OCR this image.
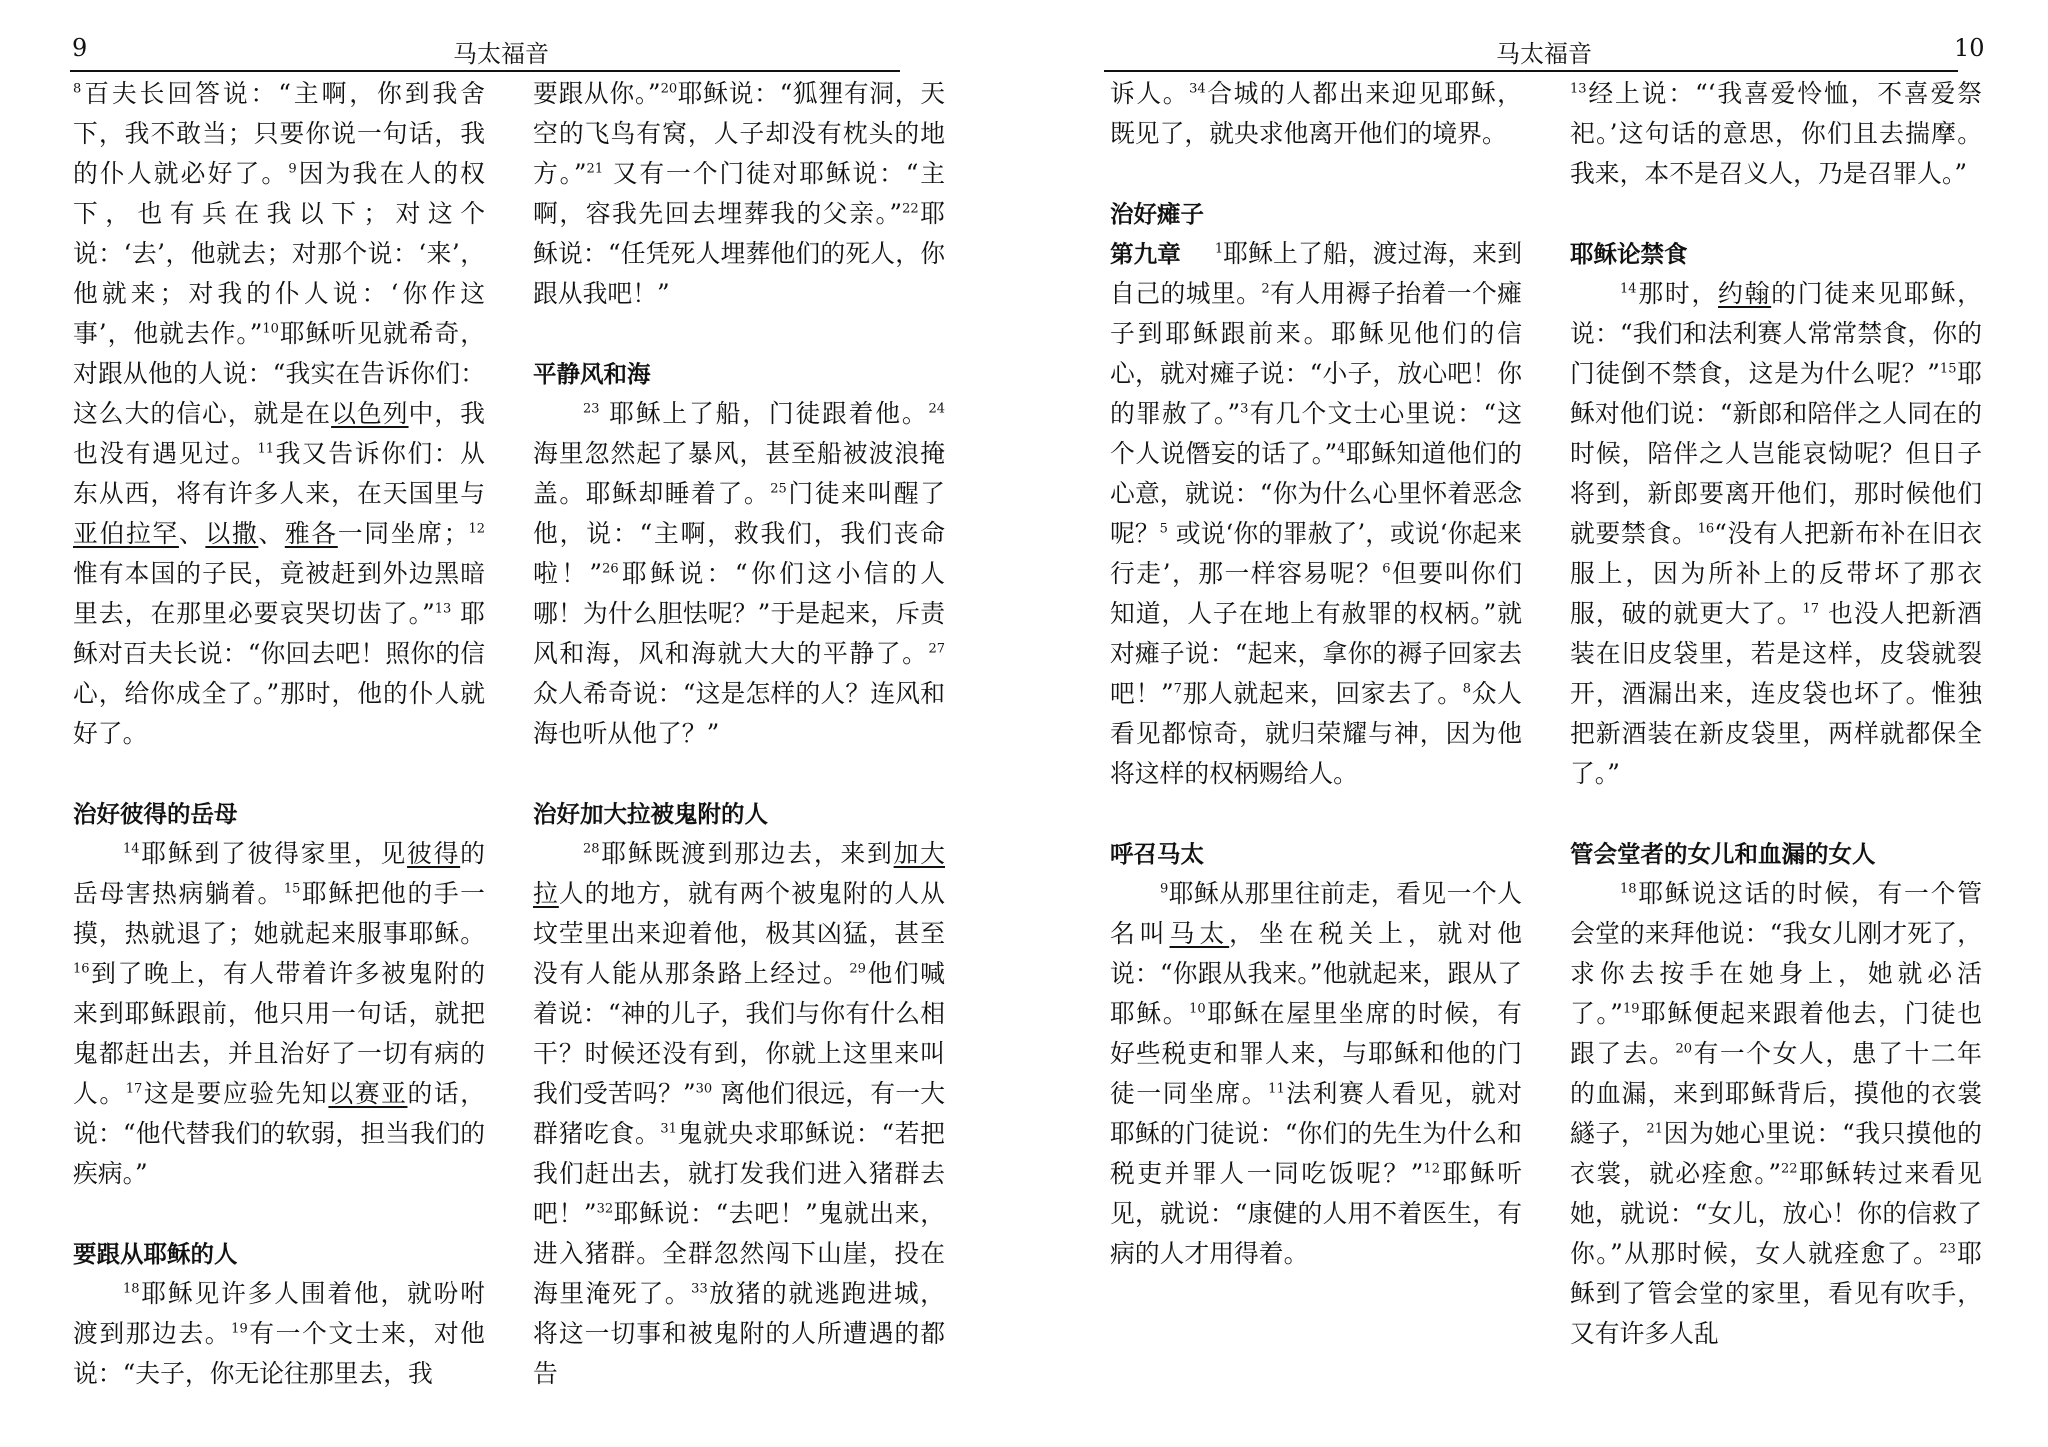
9	马太福音

$^8$百夫长回答说：“主啊，你到我舍下，我不敢当；只要你说一句话，我的仆人就必好了。$^9$因为我在人的权下，也有兵在我以下；对这个说：‘去’，他就去；对那个说：‘来’，他就来；对我的仆人说：‘你作这事’，他就去作。”$^{10}$耶稣听见就希奇，对跟从他的人说：“我实在告诉你们：这么大的信心，就是在以色列中，我也没有遇见过。$^{11}$我又告诉你们：从东从西，将有许多人来，在天国里与亚伯拉罕、以撒、雅各一同坐席；$^{12}$惟有本国的子民，竟被赶到外边黑暗里去，在那里必要哀哭切齿了。”$^{13}$ 耶稣对百夫长说：“你回去吧！照你的信心，给你成全了。”那时，他的仆人就好了。

治好彼得的岳母

$^{14}$耶稣到了彼得家里，见彼得的岳母害热病躺着。$^{15}$耶稣把他的手一摸，热就退了；她就起来服事耶稣。$^{16}$到了晚上，有人带着许多被鬼附的来到耶稣跟前，他只用一句话，就把鬼都赶出去，并且治好了一切有病的人。$^{17}$这是要应验先知以赛亚的话，说：“他代替我们的软弱，担当我们的疾病。”

要跟从耶稣的人

$^{18}$耶稣见许多人围着他，就吩咐渡到那边去。$^{19}$有一个文士来，对他说：“夫子，你无论往那里去，我

要跟从你。”$^{20}$耶稣说：“狐狸有洞，天空的飞鸟有窝，人子却没有枕头的地方。”$^{21}$ 又有一个门徒对耶稣说：“主啊，容我先回去埋葬我的父亲。”$^{22}$耶稣说：“任凭死人埋葬他们的死人，你跟从我吧！”

平静风和海

$^{23}$ 耶稣上了船，门徒跟着他。$^{24}$海里忽然起了暴风，甚至船被波浪掩盖。耶稣却睡着了。$^{25}$门徒来叫醒了他，说：“主啊，救我们，我们丧命啦！”$^{26}$耶稣说：“你们这小信的人哪！为什么胆怯呢？”于是起来，斥责风和海，风和海就大大的平静了。$^{27}$众人希奇说：“这是怎样的人？连风和海也听从他了？”

治好加大拉被鬼附的人

$^{28}$耶稣既渡到那边去，来到加大拉人的地方，就有两个被鬼附的人从坟茔里出来迎着他，极其凶猛，甚至没有人能从那条路上经过。$^{29}$他们喊着说：“神的儿子，我们与你有什么相干？时候还没有到，你就上这里来叫我们受苦吗？”$^{30}$ 离他们很远，有一大群猪吃食。$^{31}$鬼就央求耶稣说：“若把我们赶出去，就打发我们进入猪群去吧！”$^{32}$耶稣说：“去吧！”鬼就出来，进入猪群。全群忽然闯下山崖，投在海里淹死了。$^{33}$放猪的就逃跑进城，将这一切事和被鬼附的人所遭遇的都告

马太福音	10

诉人。$^{34}$合城的人都出来迎见耶稣，既见了，就央求他离开他们的境界。

治好瘫子

第九章	$^1$耶稣上了船，渡过海，来到自己的城里。$^2$有人用褥子抬着一个瘫子到耶稣跟前来。耶稣见他们的信心，就对瘫子说：“小子，放心吧！你的罪赦了。”$^3$有几个文士心里说：“这个人说僭妄的话了。”$^4$耶稣知道他们的心意，就说：“你为什么心里怀着恶念呢？$^5$ 或说‘你的罪赦了’，或说‘你起来行走’，那一样容易呢？$^6$但要叫你们知道，人子在地上有赦罪的权柄。”就对瘫子说：“起来，拿你的褥子回家去吧！”$^7$那人就起来，回家去了。$^8$众人看见都惊奇，就归荣耀与神，因为他将这样的权柄赐给人。

呼召马太

$^9$耶稣从那里往前走，看见一个人名叫马太，坐在税关上，就对他说：“你跟从我来。”他就起来，跟从了耶稣。$^{10}$耶稣在屋里坐席的时候，有好些税吏和罪人来，与耶稣和他的门徒一同坐席。$^{11}$法利赛人看见，就对耶稣的门徒说：“你们的先生为什么和税吏并罪人一同吃饭呢？”$^{12}$耶稣听见，就说：“康健的人用不着医生，有病的人才用得着。

$^{13}$经上说：“‘我喜爱怜恤，不喜爱祭祀。’这句话的意思，你们且去揣摩。我来，本不是召义人，乃是召罪人。”

耶稣论禁食

$^{14}$那时，约翰的门徒来见耶稣，说：“我们和法利赛人常常禁食，你的门徒倒不禁食，这是为什么呢？”$^{15}$耶稣对他们说：“新郎和陪伴之人同在的时候，陪伴之人岂能哀恸呢？但日子将到，新郎要离开他们，那时候他们就要禁食。$^{16}$“没有人把新布补在旧衣服上，因为所补上的反带坏了那衣服，破的就更大了。$^{17}$ 也没人把新酒装在旧皮袋里，若是这样，皮袋就裂开，酒漏出来，连皮袋也坏了。惟独把新酒装在新皮袋里，两样就都保全了。”

管会堂者的女儿和血漏的女人

$^{18}$耶稣说这话的时候，有一个管会堂的来拜他说：“我女儿刚才死了，求你去按手在她身上，她就必活了。”$^{19}$耶稣便起来跟着他去，门徒也跟了去。$^{20}$有一个女人，患了十二年的血漏，来到耶稣背后，摸他的衣裳繸子，$^{21}$因为她心里说：“我只摸他的衣裳，就必痊愈。”$^{22}$耶稣转过来看见她，就说：“女儿，放心！你的信救了你。”从那时候，女人就痊愈了。$^{23}$耶稣到了管会堂的家里，看见有吹手，又有许多人乱
